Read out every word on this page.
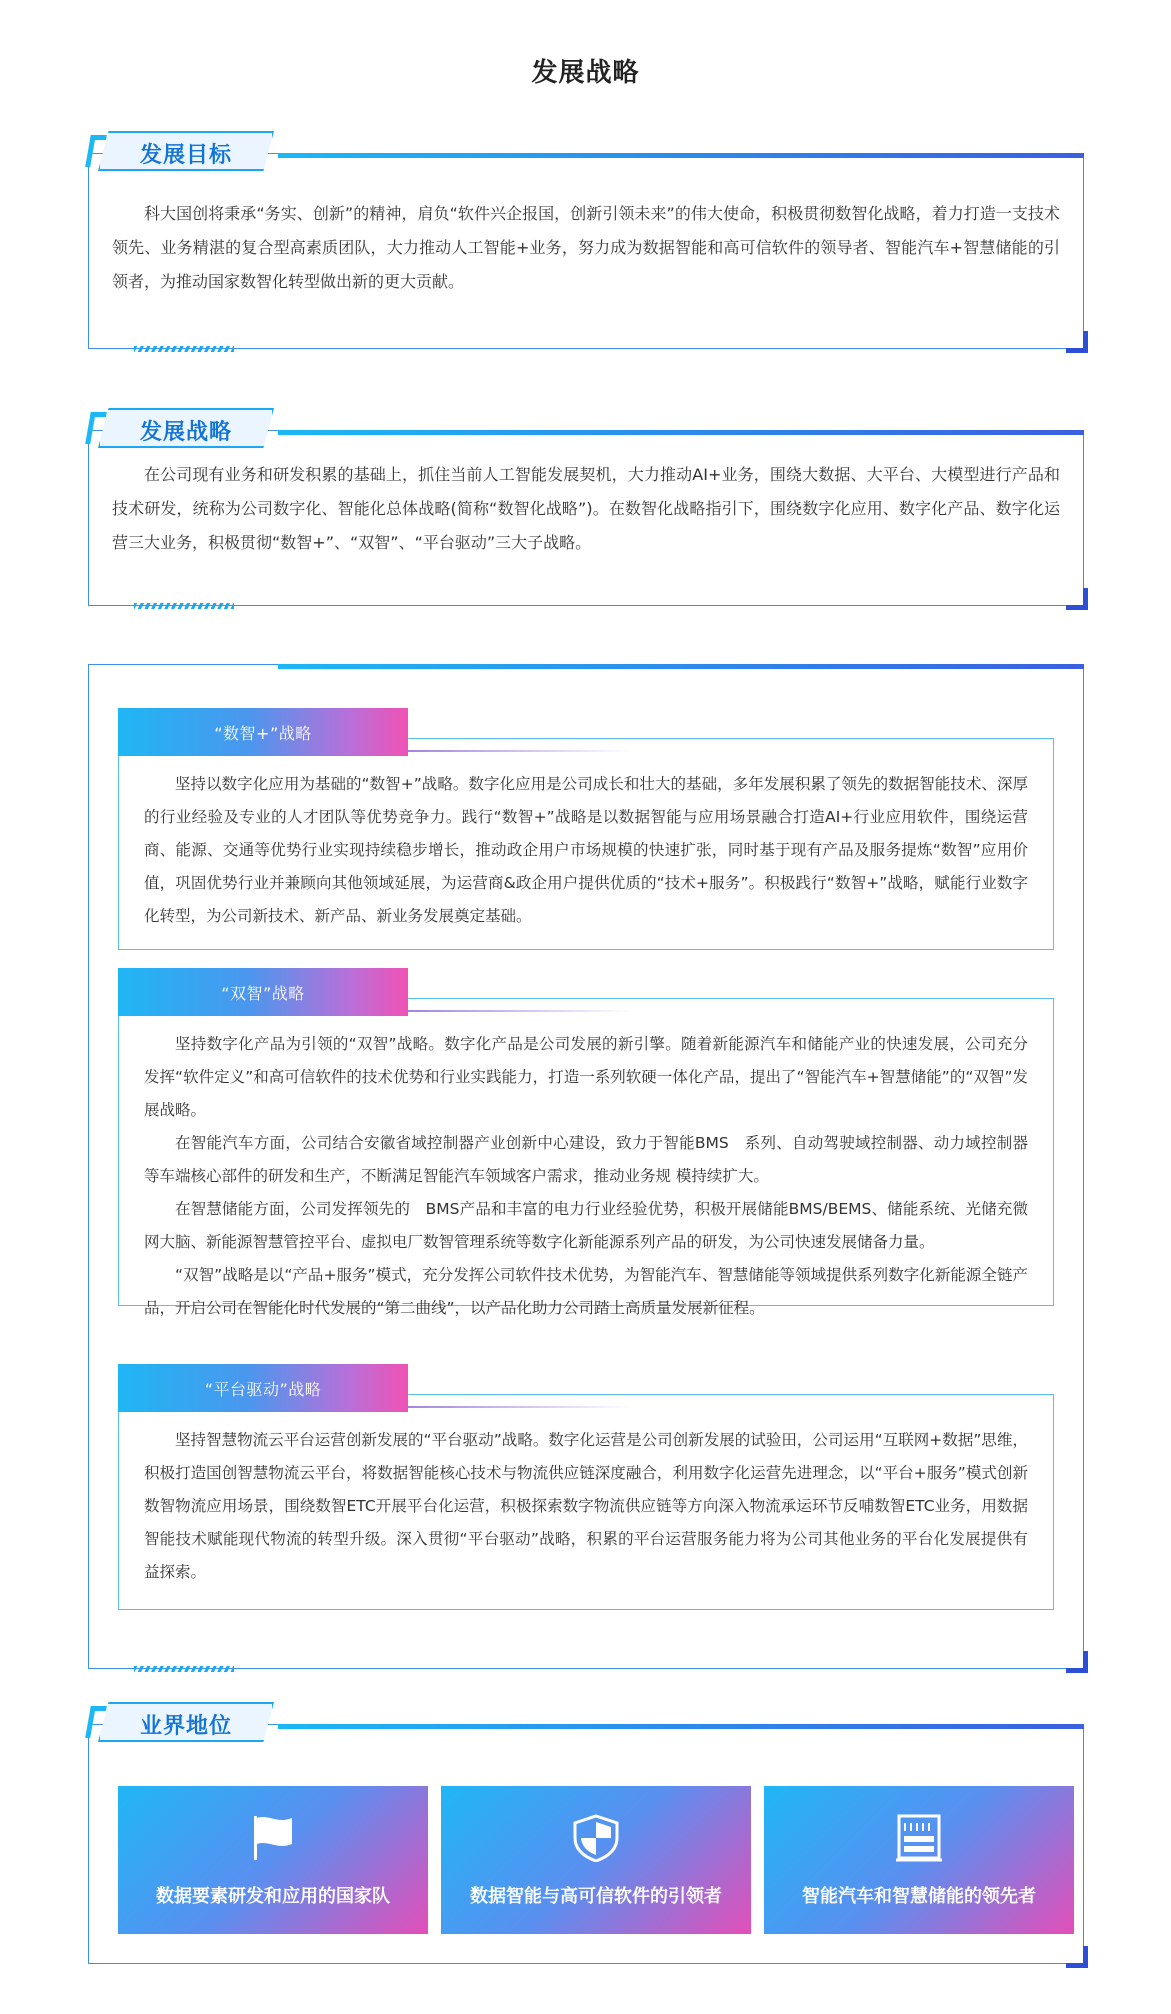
发展战略
发展目标

科大国创将秉承“务实、创新”的精神，肩负“软件兴企报国，创新引领未来”的伟大使命，积极贯彻数智化战略，着力打造一支技术领先、业务精湛的复合型高素质团队，大力推动人工智能+业务，努力成为数据智能和高可信软件的领导者、智能汽车+智慧储能的引领者，为推动国家数智化转型做出新的更大贡献。

发展战略

在公司现有业务和研发积累的基础上，抓住当前人工智能发展契机，大力推动AI+业务，围绕大数据、大平台、大模型进行产品和技术研发，统称为公司数字化、智能化总体战略(简称“数智化战略”)。在数智化战略指引下，围绕数字化应用、数字化产品、数字化运营三大业务，积极贯彻“数智+”、“双智”、“平台驱动”三大子战略。

“数智+”战略

坚持以数字化应用为基础的“数智+”战略。数字化应用是公司成长和壮大的基础，多年发展积累了领先的数据智能技术、深厚的行业经验及专业的人才团队等优势竞争力。践行“数智+”战略是以数据智能与应用场景融合打造AI+行业应用软件，围绕运营商、能源、交通等优势行业实现持续稳步增长，推动政企用户市场规模的快速扩张，同时基于现有产品及服务提炼“数智”应用价值，巩固优势行业并兼顾向其他领域延展，为运营商&政企用户提供优质的“技术+服务”。积极践行“数智+”战略，赋能行业数字化转型，为公司新技术、新产品、新业务发展奠定基础。

“双智”战略

坚持数字化产品为引领的“双智”战略。数字化产品是公司发展的新引擎。随着新能源汽车和储能产业的快速发展，公司充分发挥“软件定义”和高可信软件的技术优势和行业实践能力，打造一系列软硬一体化产品，提出了“智能汽车+智慧储能”的“双智”发展战略。

在智能汽车方面，公司结合安徽省域控制器产业创新中心建设，致力于智能BMS　系列、自动驾驶域控制器、动力域控制器等车端核心部件的研发和生产，不断满足智能汽车领域客户需求，推动业务规 模持续扩大。

在智慧储能方面，公司发挥领先的　BMS产品和丰富的电力行业经验优势，积极开展储能BMS/BEMS、储能系统、光储充微网大脑、新能源智慧管控平台、虚拟电厂数智管理系统等数字化新能源系列产品的研发，为公司快速发展储备力量。

“双智”战略是以“产品+服务”模式，充分发挥公司软件技术优势，为智能汽车、智慧储能等领域提供系列数字化新能源全链产品，开启公司在智能化时代发展的“第二曲线”，以产品化助力公司踏上高质量发展新征程。

“平台驱动”战略

坚持智慧物流云平台运营创新发展的“平台驱动”战略。数字化运营是公司创新发展的试验田，公司运用“互联网+数据”思维，积极打造国创智慧物流云平台，将数据智能核心技术与物流供应链深度融合，利用数字化运营先进理念，以“平台+服务”模式创新数智物流应用场景，围绕数智ETC开展平台化运营，积极探索数字物流供应链等方向深入物流承运环节反哺数智ETC业务，用数据智能技术赋能现代物流的转型升级。深入贯彻“平台驱动”战略，积累的平台运营服务能力将为公司其他业务的平台化发展提供有益探索。

业界地位
数据要素研发和应用的国家队	数据智能与高可信软件的引领者	智能汽车和智慧储能的领先者
